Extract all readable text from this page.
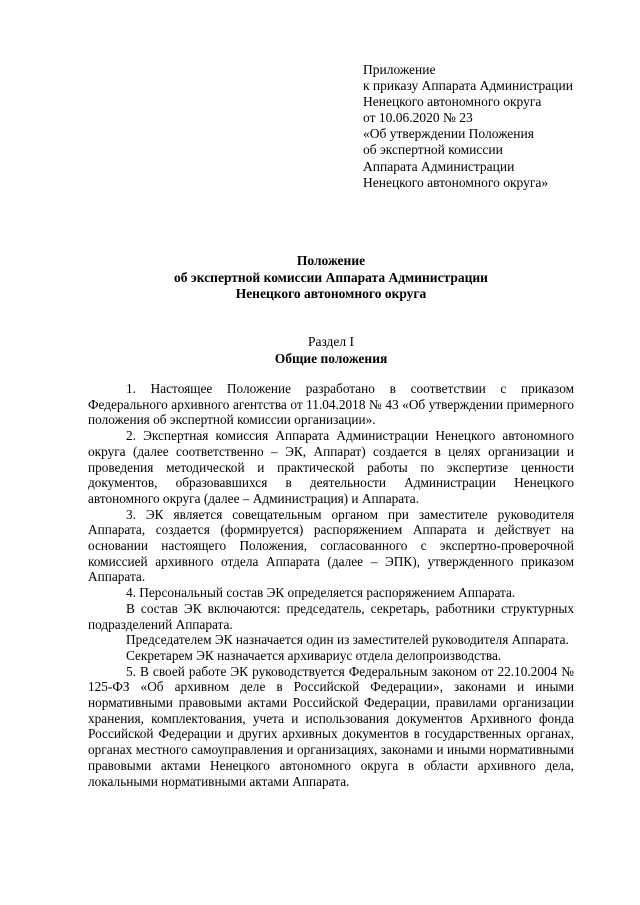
Приложение
к приказу Аппарата Администрации
Ненецкого автономного округа
от 10.06.2020 № 23
«Об утверждении Положения
об экспертной комиссии
Аппарата Администрации
Ненецкого автономного округа»
Положение
об экспертной комиссии Аппарата Администрации
Ненецкого автономного округа
Раздел I
Общие положения

1. Настоящее Положение разработано в соответствии с приказом Федерального архивного агентства от 11.04.2018 № 43 «Об утверждении примерного положения об экспертной комиссии организации».

2. Экспертная комиссия Аппарата Администрации Ненецкого автономного округа (далее соответственно – ЭК, Аппарат) создается в целях организации и проведения методической и практической работы по экспертизе ценности документов, образовавшихся в деятельности Администрации Ненецкого автономного округа (далее – Администрация) и Аппарата.

3. ЭК является совещательным органом при заместителе руководителя Аппарата, создается (формируется) распоряжением Аппарата и действует на основании настоящего Положения, согласованного с экспертно-проверочной комиссией архивного отдела Аппарата (далее – ЭПК), утвержденного приказом Аппарата.

4. Персональный состав ЭК определяется распоряжением Аппарата.

В состав ЭК включаются: председатель, секретарь, работники структурных подразделений Аппарата.

Председателем ЭК назначается один из заместителей руководителя Аппарата.

Секретарем ЭК назначается архивариус отдела делопроизводства.

5. В своей работе ЭК руководствуется Федеральным законом от 22.10.2004 № 125-ФЗ «Об архивном деле в Российской Федерации», законами и иными нормативными правовыми актами Российской Федерации, правилами организации хранения, комплектования, учета и использования документов Архивного фонда Российской Федерации и других архивных документов в государственных органах, органах местного самоуправления и организациях, законами и иными нормативными правовыми актами Ненецкого автономного округа в области архивного дела, локальными нормативными актами Аппарата.
